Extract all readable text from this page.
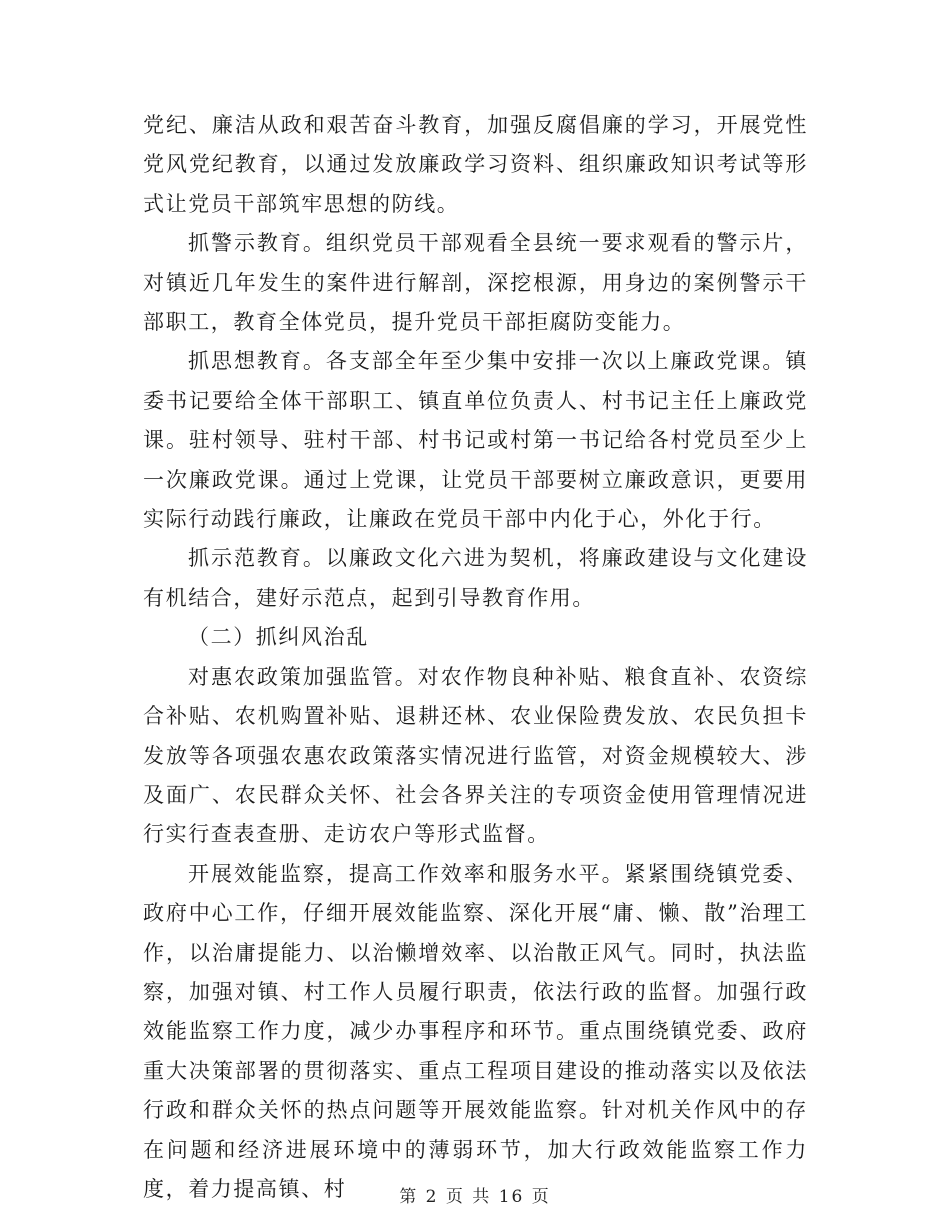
党纪、廉洁从政和艰苦奋斗教育，加强反腐倡廉的学习，开展党性党风党纪教育，以通过发放廉政学习资料、组织廉政知识考试等形式让党员干部筑牢思想的防线。

抓警示教育。组织党员干部观看全县统一要求观看的警示片，对镇近几年发生的案件进行解剖，深挖根源，用身边的案例警示干部职工，教育全体党员，提升党员干部拒腐防变能力。

抓思想教育。各支部全年至少集中安排一次以上廉政党课。镇委书记要给全体干部职工、镇直单位负责人、村书记主任上廉政党课。驻村领导、驻村干部、村书记或村第一书记给各村党员至少上一次廉政党课。通过上党课，让党员干部要树立廉政意识，更要用实际行动践行廉政，让廉政在党员干部中内化于心，外化于行。

抓示范教育。以廉政文化六进为契机，将廉政建设与文化建设有机结合，建好示范点，起到引导教育作用。

（二）抓纠风治乱

对惠农政策加强监管。对农作物良种补贴、粮食直补、农资综合补贴、农机购置补贴、退耕还林、农业保险费发放、农民负担卡发放等各项强农惠农政策落实情况进行监管，对资金规模较大、涉及面广、农民群众关怀、社会各界关注的专项资金使用管理情况进行实行查表查册、走访农户等形式监督。

开展效能监察，提高工作效率和服务水平。紧紧围绕镇党委、政府中心工作，仔细开展效能监察、深化开展“庸、懒、散”治理工作，以治庸提能力、以治懒增效率、以治散正风气。同时，执法监察，加强对镇、村工作人员履行职责，依法行政的监督。加强行政效能监察工作力度，减少办事程序和环节。重点围绕镇党委、政府重大决策部署的贯彻落实、重点工程项目建设的推动落实以及依法行政和群众关怀的热点问题等开展效能监察。针对机关作风中的存在问题和经济进展环境中的薄弱环节，加大行政效能监察工作力度，着力提高镇、村	第 2 页 共 16 页
